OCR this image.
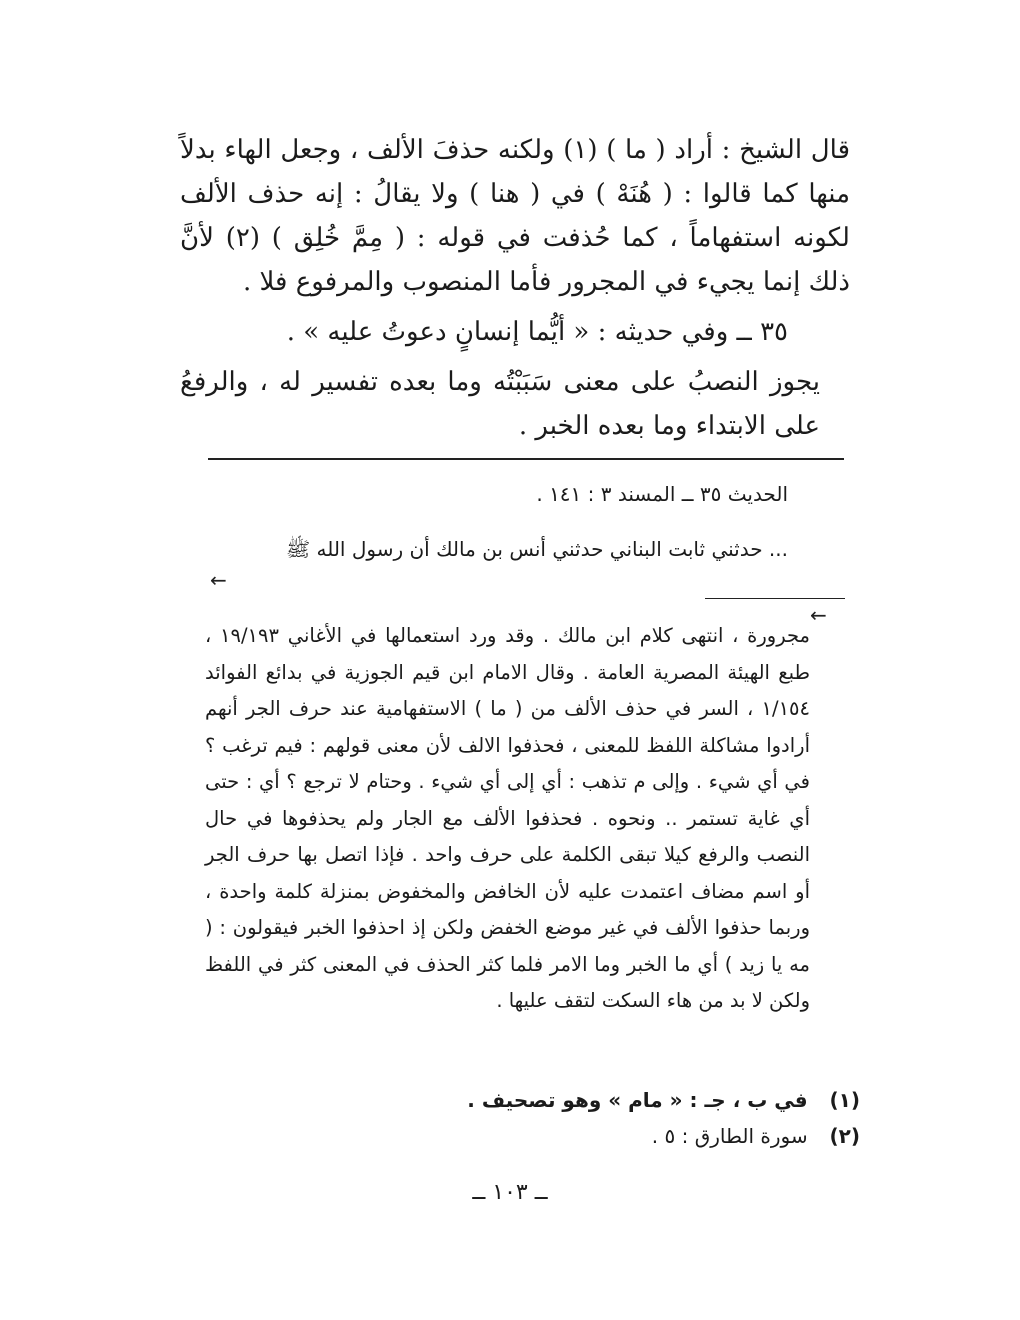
قال الشيخ : أراد ( ما ) (١) ولكنه حذفَ الألف ، وجعل الهاء بدلاً منها كما قالوا : ( هُنَهْ ) في ( هنا ) ولا يقالُ : إنه حذف الألف لكونه استفهاماً ، كما حُذفت في قوله : ( مِمَّ خُلِق ) (٢) لأنَّ ذلك إنما يجيء في المجرور فأما المنصوب والمرفوع فلا .

٣٥ ــ وفي حديثه : « أيُّما إنسانٍ دعوتُ عليه » .

يجوز النصبُ على معنى سَبَبْتُه وما بعده تفسير له ، والرفعُ على الابتداء وما بعده الخبر .

الحديث ٣٥ ــ المسند ٣ : ١٤١ .
... حدثني ثابت البناني حدثني أنس بن مالك أن رسول الله ﷺ
←
←
مجرورة ، انتهى كلام ابن مالك . وقد ورد استعمالها في الأغاني ١٩/١٩٣ ، طبع الهيئة المصرية العامة . وقال الامام ابن قيم الجوزية في بدائع الفوائد ١/١٥٤ ، السر في حذف الألف من ( ما ) الاستفهامية عند حرف الجر أنهم أرادوا مشاكلة اللفظ للمعنى ، فحذفوا الالف لأن معنى قولهم : فيم ترغب ؟ في أي شيء . وإلى م تذهب : أي إلى أي شيء . وحتام لا ترجع ؟ أي : حتى أي غاية تستمر .. ونحوه . فحذفوا الألف مع الجار ولم يحذفوها في حال النصب والرفع كيلا تبقى الكلمة على حرف واحد . فإذا اتصل بها حرف الجر أو اسم مضاف اعتمدت عليه لأن الخافض والمخفوض بمنزلة كلمة واحدة ، وربما حذفوا الألف في غير موضع الخفض ولكن إذ احذفوا الخبر فيقولون : ( مه يا زيد ) أي ما الخبر وما الامر فلما كثر الحذف في المعنى كثر في اللفظ ولكن لا بد من هاء السكت لتقف عليها .
(١) في ب ، جـ : « مام » وهو تصحيف .
(٢) سورة الطارق : ٥ .
ــ ١٠٣ ــ
